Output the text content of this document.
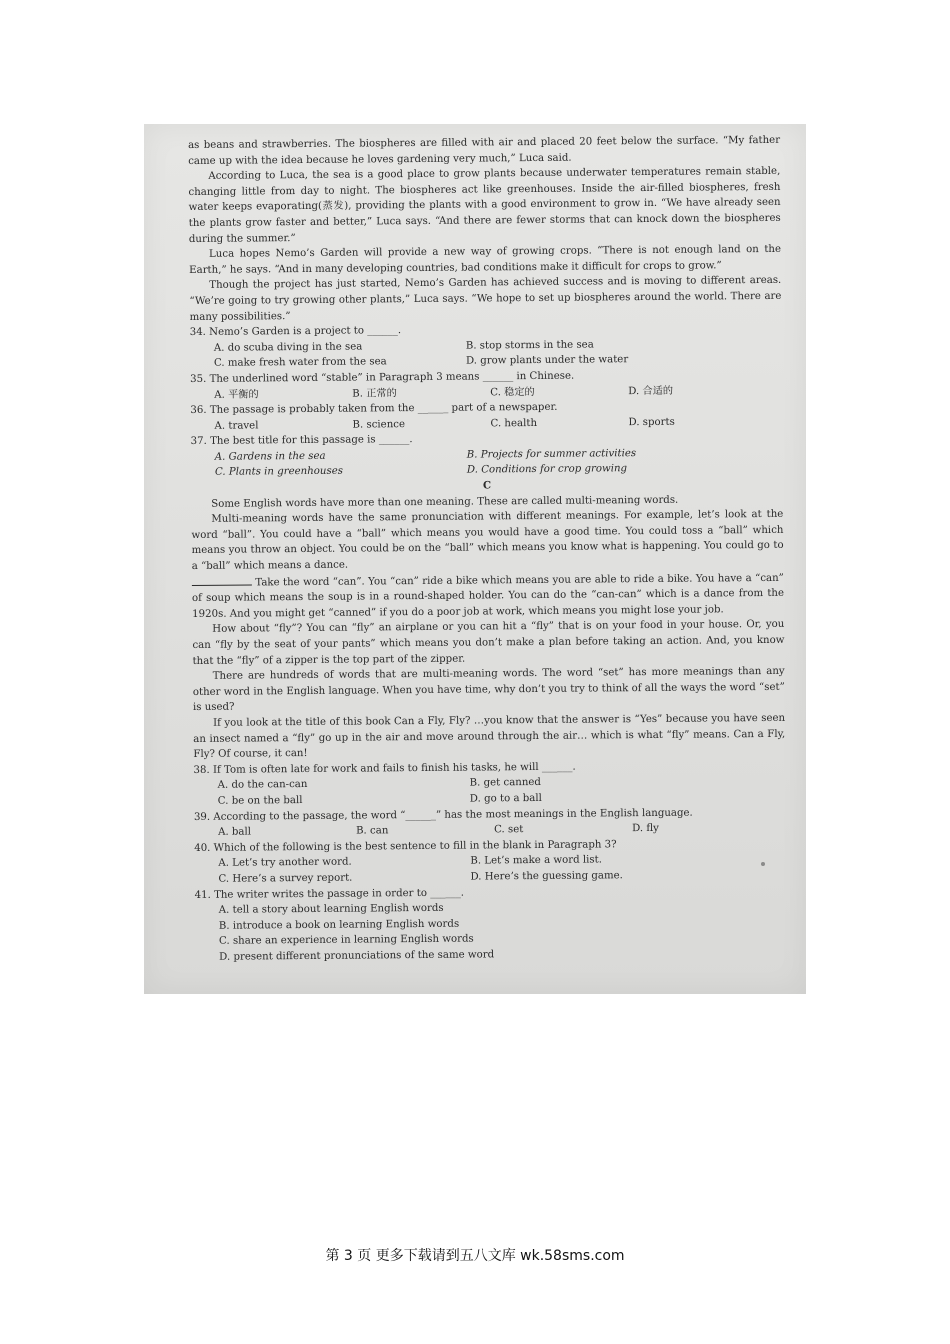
as beans and strawberries. The biospheres are filled with air and placed 20 feet below the surface. “My father came up with the idea because he loves gardening very much,” Luca said.

According to Luca, the sea is a good place to grow plants because underwater temperatures remain stable, changing little from day to night. The biospheres act like greenhouses. Inside the air-filled biospheres, fresh water keeps evaporating(蒸发), providing the plants with a good environment to grow in. “We have already seen the plants grow faster and better,” Luca says. “And there are fewer storms that can knock down the biospheres during the summer.”

Luca hopes Nemo’s Garden will provide a new way of growing crops. “There is not enough land on the Earth,” he says. “And in many developing countries, bad conditions make it difficult for crops to grow.”

Though the project has just started, Nemo’s Garden has achieved success and is moving to different areas. “We’re going to try growing other plants,” Luca says. “We hope to set up biospheres around the world. There are many possibilities.”

34. Nemo’s Garden is a project to ______.

A. do scuba diving in the sea	B. stop storms in the sea
C. make fresh water from the sea	D. grow plants under the water

35. The underlined word “stable” in Paragraph 3 means ______ in Chinese.

A. 平衡的	B. 正常的	C. 稳定的	D. 合适的

36. The passage is probably taken from the ______ part of a newspaper.

A. travel	B. science	C. health	D. sports

37. The best title for this passage is ______.

A. Gardens in the sea	B. Projects for summer activities
C. Plants in greenhouses	D. Conditions for crop growing

C

Some English words have more than one meaning. These are called multi-meaning words.

Multi-meaning words have the same pronunciation with different meanings. For example, let’s look at the word “ball”. You could have a “ball” which means you would have a good time. You could toss a “ball” which means you throw an object. You could be on the “ball” which means you know what is happening. You could go to a “ball” which means a dance.

Take the word “can”. You “can” ride a bike which means you are able to ride a bike. You have a “can” of soup which means the soup is in a round-shaped holder. You can do the “can-can” which is a dance from the 1920s. And you might get “canned” if you do a poor job at work, which means you might lose your job.

How about “fly”? You can “fly” an airplane or you can hit a “fly” that is on your food in your house. Or, you can “fly by the seat of your pants” which means you don’t make a plan before taking an action. And, you know that the “fly” of a zipper is the top part of the zipper.

There are hundreds of words that are multi-meaning words. The word “set” has more meanings than any other word in the English language. When you have time, why don’t you try to think of all the ways the word “set” is used?

If you look at the title of this book Can a Fly, Fly? …you know that the answer is “Yes” because you have seen an insect named a “fly” go up in the air and move around through the air… which is what “fly” means. Can a Fly, Fly? Of course, it can!

38. If Tom is often late for work and fails to finish his tasks, he will ______.

A. do the can-can	B. get canned
C. be on the ball	D. go to a ball

39. According to the passage, the word “______” has the most meanings in the English language.

A. ball	B. can	C. set	D. fly

40. Which of the following is the best sentence to fill in the blank in Paragraph 3?

A. Let’s try another word.	B. Let’s make a word list.
C. Here’s a survey report.	D. Here’s the guessing game.

41. The writer writes the passage in order to ______.

A. tell a story about learning English words

B. introduce a book on learning English words

C. share an experience in learning English words

D. present different pronunciations of the same word

第 3 页 更多下载请到五八文库 wk.58sms.com
